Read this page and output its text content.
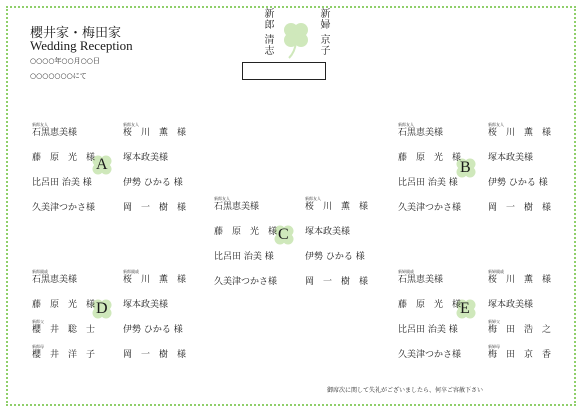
櫻井家・梅田家
Wedding Reception
○○○○年○○月○○日
○○○○○○○にて
新郎
清志
新婦
京子
A
新郎友人
石黒恵美様
藤　原　光　様
比呂田 治美 様
久美津つかさ様
新郎友人
桜　川　薫　様
塚本政美様
伊勢 ひかる 様
岡　一　樹　様
B
新郎友人
石黒恵美様
藤　原　光　様
比呂田 治美 様
久美津つかさ様
新郎友人
桜　川　薫　様
塚本政美様
伊勢 ひかる 様
岡　一　樹　様
C
新郎友人
石黒恵美様
藤　原　光　様
比呂田 治美 様
久美津つかさ様
新郎友人
桜　川　薫　様
塚本政美様
伊勢 ひかる 様
岡　一　樹　様
D
新郎親戚
石黒恵美様
藤　原　光　様
新郎父
櫻　井　聡　士
新郎母
櫻　井　洋　子
新郎親戚
桜　川　薫　様
塚本政美様
伊勢 ひかる 様
岡　一　樹　様
E
新婦親戚
石黒恵美様
藤　原　光　様
比呂田 治美 様
久美津つかさ様
新婦親戚
桜　川　薫　様
塚本政美様
新婦父
梅　田　浩　之
新婦母
梅　田　京　香
御席次に関して失礼がございましたら、何卒ご容赦下さい
